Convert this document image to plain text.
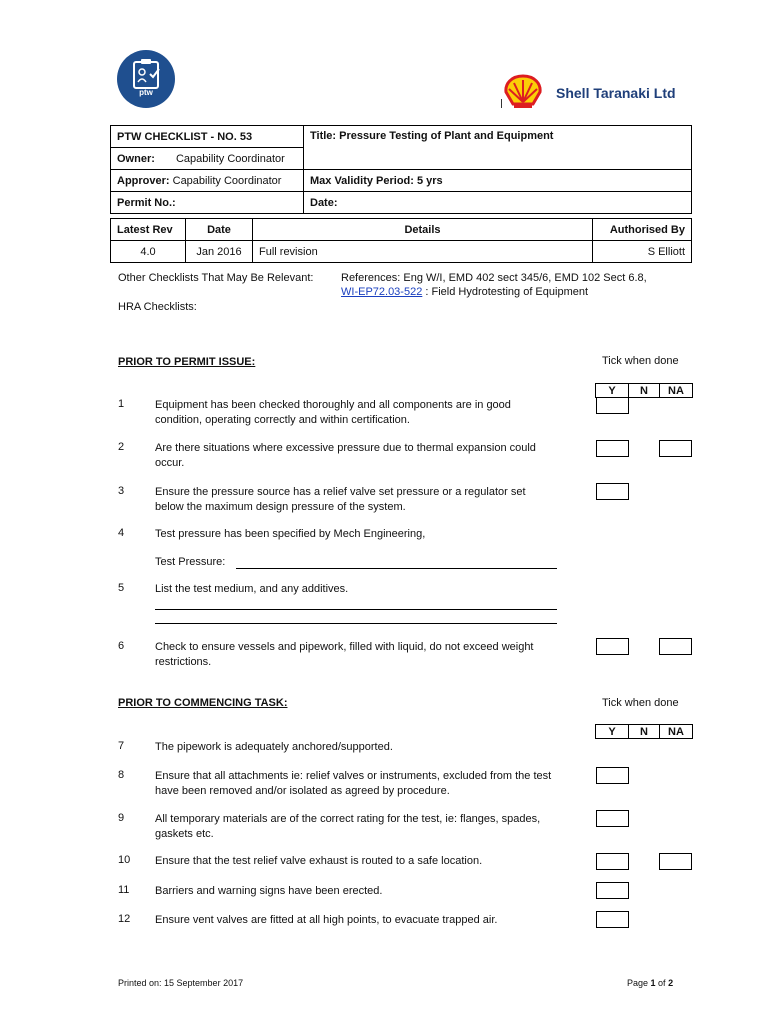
ptw	Shell Taranaki Ltd
PTW CHECKLIST - NO. 53	Title: Pressure Testing of Plant and Equipment
Owner: Capability Coordinator	
Approver: Capability Coordinator	Max Validity Period: 5 yrs
Permit No.:	Date:
Latest Rev	Date	Details	Authorised By
4.0	Jan 2016	Full revision	S Elliott
Other Checklists That May Be Relevant:	References: Eng W/I, EMD 402 sect 345/6, EMD 102 Sect 6.8,
WI-EP72.03-522 : Field Hydrotesting of Equipment
HRA Checklists:
PRIOR TO PERMIT ISSUE:	Tick when done
Y	N	NA
1	Equipment has been checked thoroughly and all components are in good
condition, operating correctly and within certification.
2	Are there situations where excessive pressure due to thermal expansion could
occur.
3	Ensure the pressure source has a relief valve set pressure or a regulator set
below the maximum design pressure of the system.
4	Test pressure has been specified by Mech Engineering,
Test Pressure:
5	List the test medium, and any additives.
6	Check to ensure vessels and pipework, filled with liquid, do not exceed weight
restrictions.
PRIOR TO COMMENCING TASK:	Tick when done
Y	N	NA
7	The pipework is adequately anchored/supported.
8	Ensure that all attachments ie: relief valves or instruments, excluded from the test
have been removed and/or isolated as agreed by procedure.
9	All temporary materials are of the correct rating for the test, ie: flanges, spades,
gaskets etc.
10 Ensure that the test relief valve exhaust is routed to a safe location.
11 Barriers and warning signs have been erected.
12 Ensure vent valves are fitted at all high points, to evacuate trapped air.
Printed on: 15 September 2017	Page 1 of 2
